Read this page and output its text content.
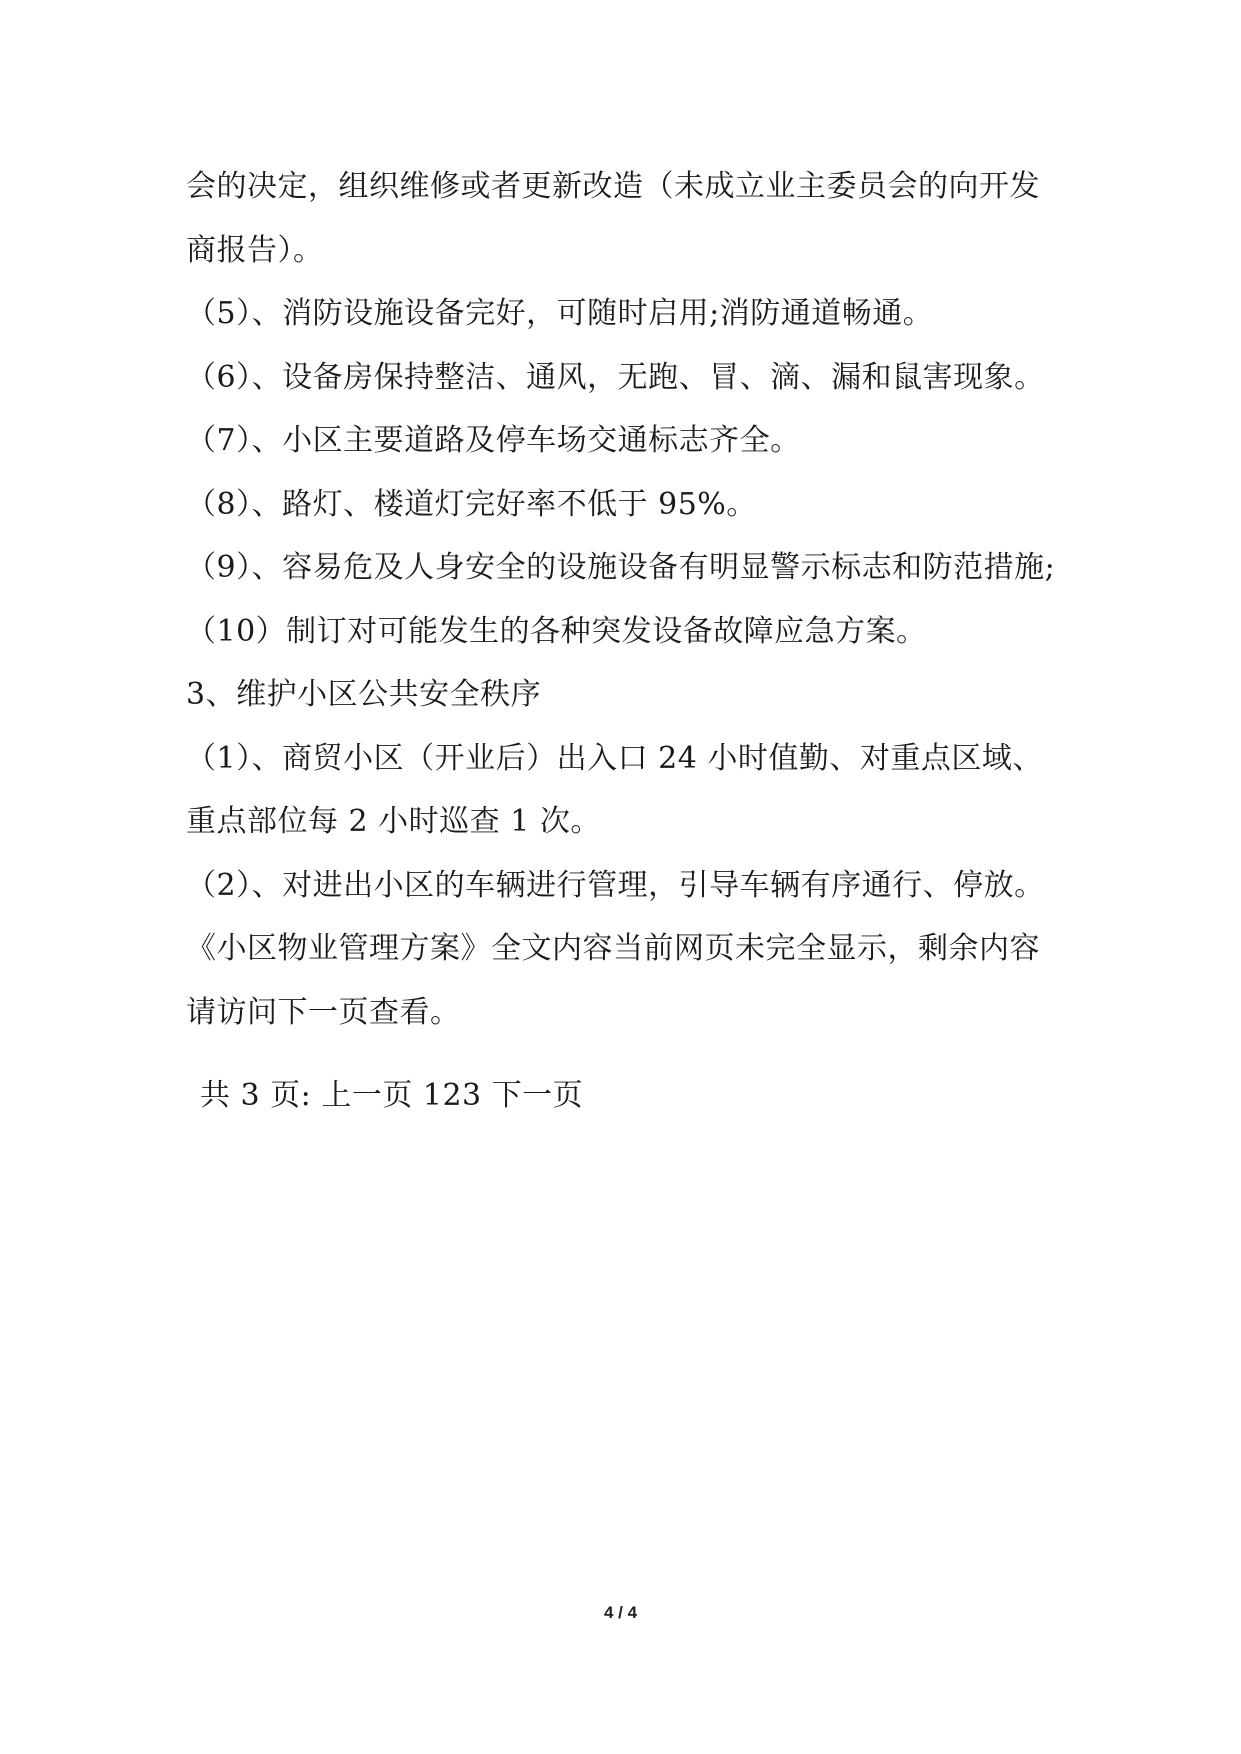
会的决定，组织维修或者更新改造（未成立业主委员会的向开发
商报告）。
（5）、消防设施设备完好，可随时启用;消防通道畅通。
（6）、设备房保持整洁、通风，无跑、冒、滴、漏和鼠害现象。
（7）、小区主要道路及停车场交通标志齐全。
（8）、路灯、楼道灯完好率不低于 95%。
（9）、容易危及人身安全的设施设备有明显警示标志和防范措施;
（10）制订对可能发生的各种突发设备故障应急方案。
3、维护小区公共安全秩序
（1）、商贸小区（开业后）出入口 24 小时值勤、对重点区域、
重点部位每 2 小时巡查 1 次。
（2）、对进出小区的车辆进行管理，引导车辆有序通行、停放。
《小区物业管理方案》全文内容当前网页未完全显示，剩余内容
请访问下一页查看。
共 3 页: 上一页 123 下一页
4 / 4
